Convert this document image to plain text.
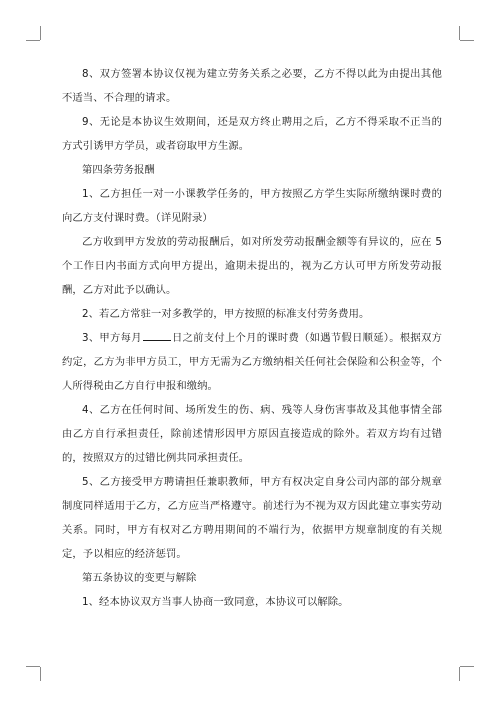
8、双方签署本协议仅视为建立劳务关系之必要，乙方不得以此为由提出其他不适当、不合理的请求。

9、无论是本协议生效期间，还是双方终止聘用之后，乙方不得采取不正当的方式引诱甲方学员，或者窃取甲方生源。

第四条劳务报酬

1、乙方担任一对一小课教学任务的，甲方按照乙方学生实际所缴纳课时费的向乙方支付课时费。（详见附录）

乙方收到甲方发放的劳动报酬后，如对所发劳动报酬金额等有异议的，应在 5 个工作日内书面方式向甲方提出，逾期未提出的，视为乙方认可甲方所发劳动报酬，乙方对此予以确认。

2、若乙方常驻一对多教学的，甲方按照的标准支付劳务费用。

3、甲方每月	日之前支付上个月的课时费（如遇节假日顺延）。根据双方约定，乙方为非甲方员工，甲方无需为乙方缴纳相关任何社会保险和公积金等，个人所得税由乙方自行申报和缴纳。

4、乙方在任何时间、场所发生的伤、病、残等人身伤害事故及其他事情全部由乙方自行承担责任，除前述情形因甲方原因直接造成的除外。若双方均有过错的，按照双方的过错比例共同承担责任。

5、乙方接受甲方聘请担任兼职教师，甲方有权决定自身公司内部的部分规章制度同样适用于乙方，乙方应当严格遵守。前述行为不视为双方因此建立事实劳动关系。同时，甲方有权对乙方聘用期间的不端行为，依据甲方规章制度的有关规定，予以相应的经济惩罚。

第五条协议的变更与解除

1、经本协议双方当事人协商一致同意，本协议可以解除。
